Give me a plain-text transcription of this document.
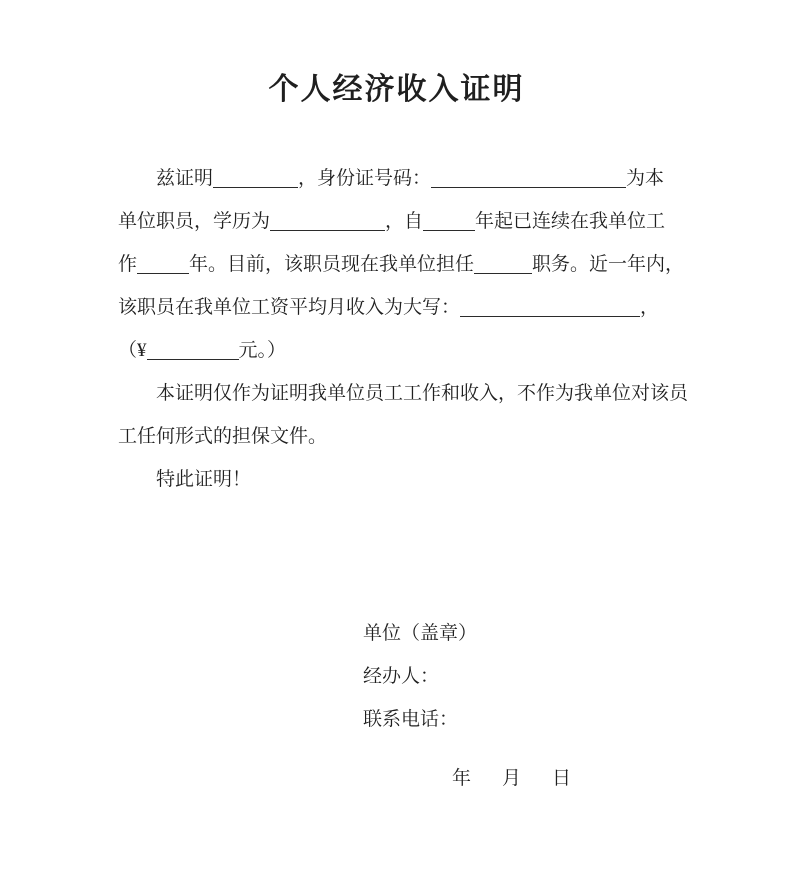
个人经济收入证明

兹证明	，身份证号码：	为本

单位职员，学历为	，自	年起已连续在我单位工

作	年。目前，该职员现在我单位担任	职务。近一年内，

该职员在我单位工资平均月收入为大写：	，

（¥	元。）

本证明仅作为证明我单位员工工作和收入，不作为我单位对该员

工任何形式的担保文件。

特此证明！

单位（盖章）

经办人：

联系电话：

年 月 日
